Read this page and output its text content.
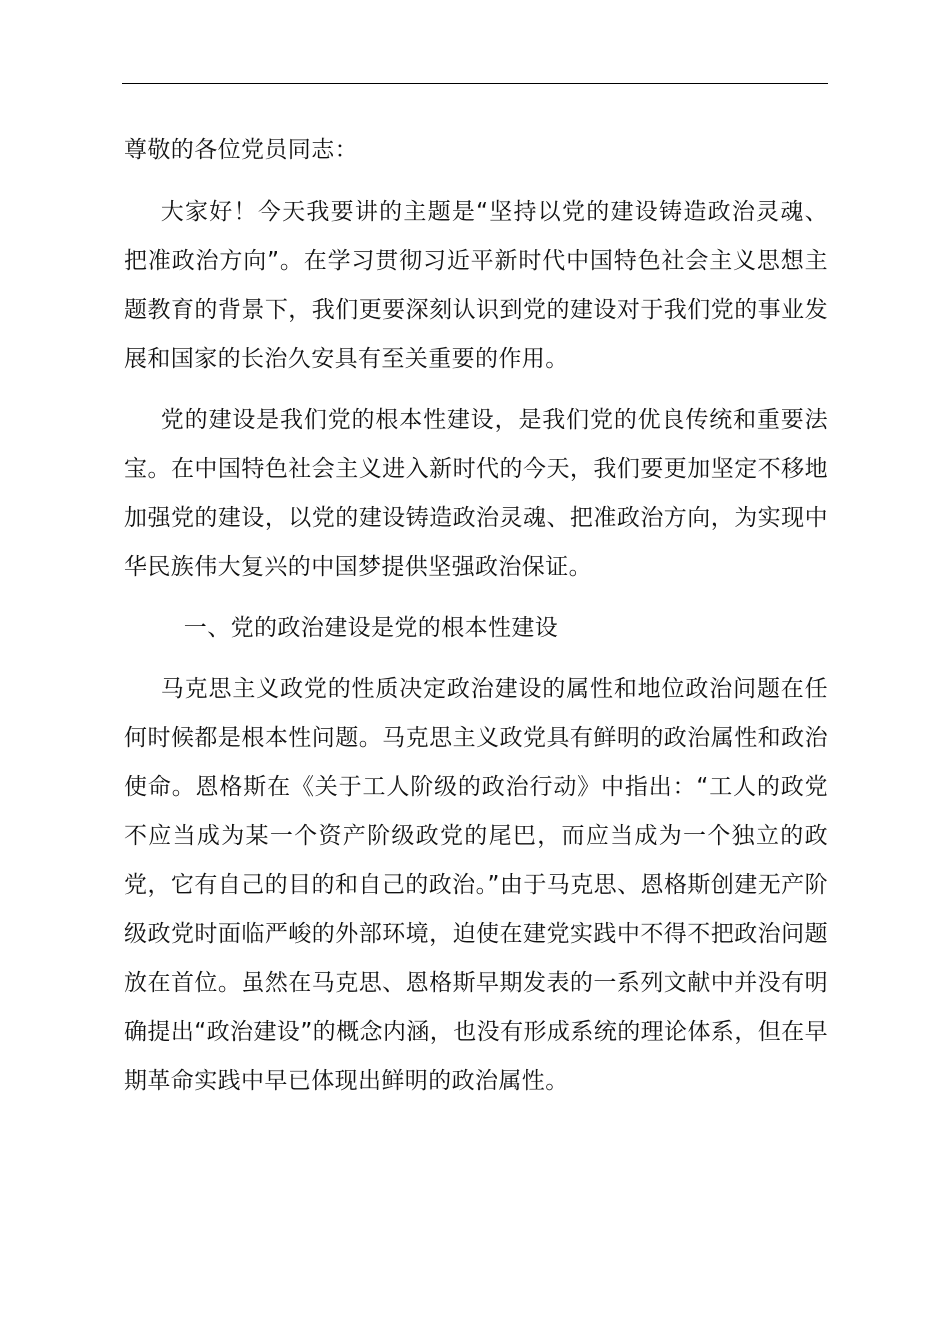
尊敬的各位党员同志：

大家好！今天我要讲的主题是“坚持以党的建设铸造政治灵魂、把准政治方向”。在学习贯彻习近平新时代中国特色社会主义思想主题教育的背景下，我们更要深刻认识到党的建设对于我们党的事业发展和国家的长治久安具有至关重要的作用。

党的建设是我们党的根本性建设，是我们党的优良传统和重要法宝。在中国特色社会主义进入新时代的今天，我们要更加坚定不移地加强党的建设，以党的建设铸造政治灵魂、把准政治方向，为实现中华民族伟大复兴的中国梦提供坚强政治保证。

一、党的政治建设是党的根本性建设

马克思主义政党的性质决定政治建设的属性和地位政治问题在任何时候都是根本性问题。马克思主义政党具有鲜明的政治属性和政治使命。恩格斯在《关于工人阶级的政治行动》中指出：“工人的政党不应当成为某一个资产阶级政党的尾巴，而应当成为一个独立的政党，它有自己的目的和自己的政治。”由于马克思、恩格斯创建无产阶级政党时面临严峻的外部环境，迫使在建党实践中不得不把政治问题放在首位。虽然在马克思、恩格斯早期发表的一系列文献中并没有明确提出“政治建设”的概念内涵，也没有形成系统的理论体系，但在早期革命实践中早已体现出鲜明的政治属性。
